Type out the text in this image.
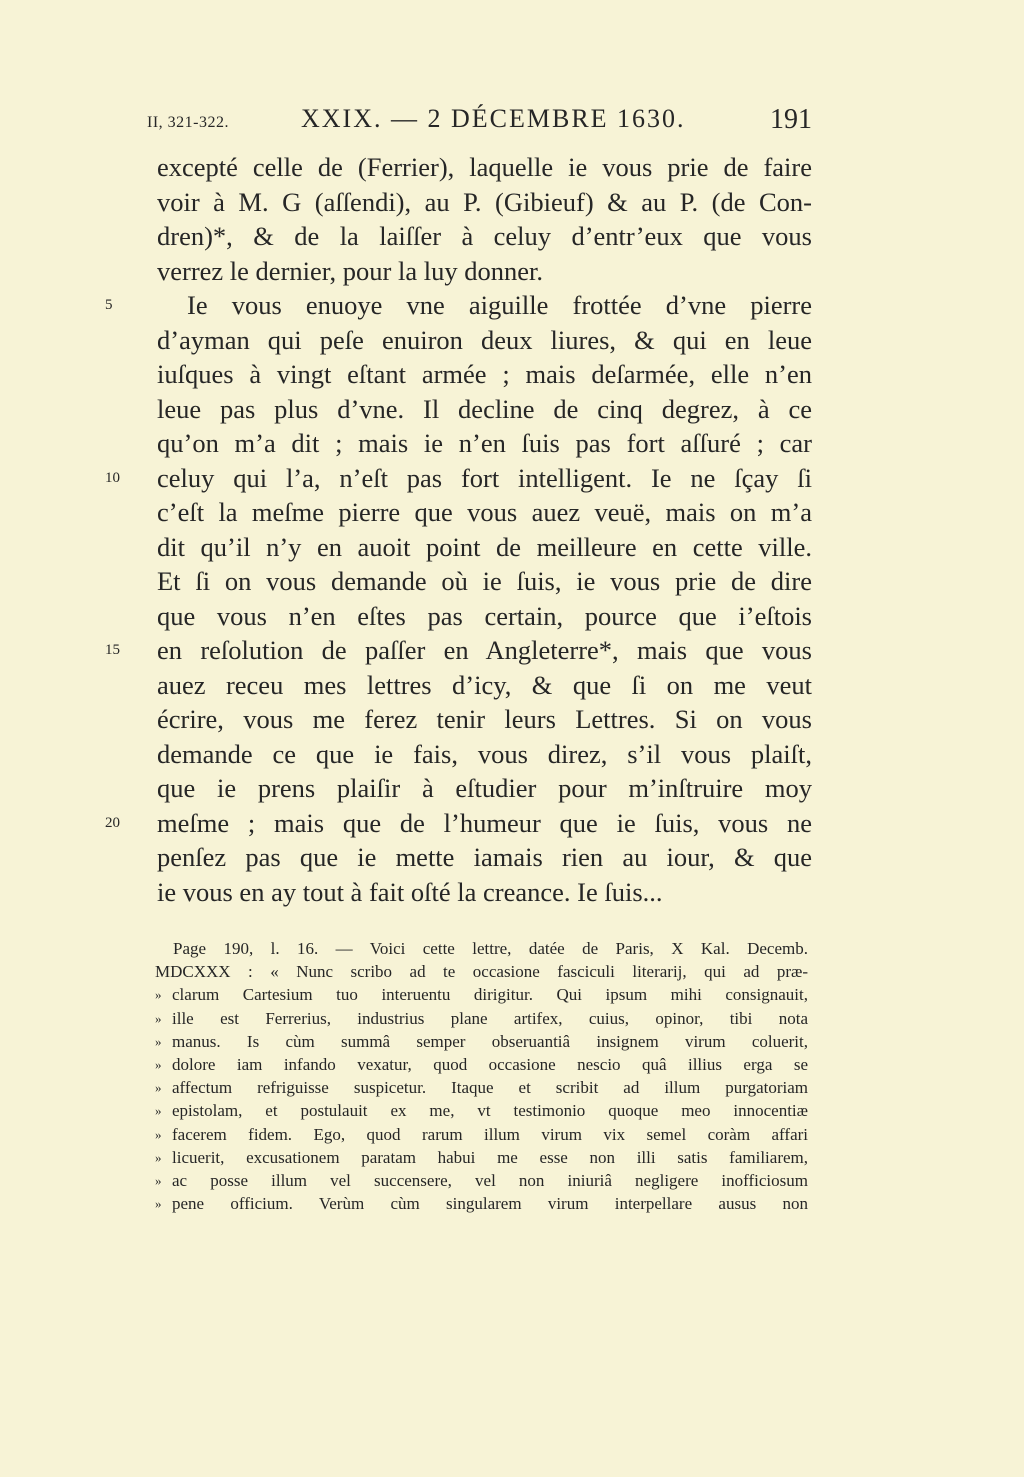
II, 321-322.	XXIX. — 2 DÉCEMBRE 1630.	191
excepté celle de (Ferrier), laquelle ie vous prie de faire
voir à M. G (aſſendi), au P. (Gibieuf) & au P. (de Con-
dren)*, & de la laiſſer à celuy d’entr’eux que vous
verrez le dernier, pour la luy donner.
5	Ie vous enuoye vne aiguille frottée d’vne pierre
d’ayman qui peſe enuiron deux liures, & qui en leue
iuſques à vingt eſtant armée ; mais deſarmée, elle n’en
leue pas plus d’vne. Il decline de cinq degrez, à ce
qu’on m’a dit ; mais ie n’en ſuis pas fort aſſuré ; car
10	celuy qui l’a, n’eſt pas fort intelligent. Ie ne ſçay ſi
c’eſt la meſme pierre que vous auez veuë, mais on m’a
dit qu’il n’y en auoit point de meilleure en cette ville.
Et ſi on vous demande où ie ſuis, ie vous prie de dire
que vous n’en eſtes pas certain, pource que i’eſtois
15	en reſolution de paſſer en Angleterre*, mais que vous
auez receu mes lettres d’icy, & que ſi on me veut
écrire, vous me ferez tenir leurs Lettres. Si on vous
demande ce que ie fais, vous direz, s’il vous plaiſt,
que ie prens plaiſir à eſtudier pour m’inſtruire moy
20	meſme ; mais que de l’humeur que ie ſuis, vous ne
penſez pas que ie mette iamais rien au iour, & que
ie vous en ay tout à fait oſté la creance. Ie ſuis...
Page 190, l. 16. — Voici cette lettre, datée de Paris, X Kal. Decemb.
MDCXXX : « Nunc scribo ad te occasione fasciculi literarij, qui ad præ-
» clarum Cartesium tuo interuentu dirigitur. Qui ipsum mihi consignauit,
» ille est Ferrerius, industrius plane artifex, cuius, opinor, tibi nota
» manus. Is cùm summâ semper obseruantiâ insignem virum coluerit,
» dolore iam infando vexatur, quod occasione nescio quâ illius erga se
» affectum refriguisse suspicetur. Itaque et scribit ad illum purgatoriam
» epistolam, et postulauit ex me, vt testimonio quoque meo innocentiæ
» facerem fidem. Ego, quod rarum illum virum vix semel coràm affari
» licuerit, excusationem paratam habui me esse non illi satis familiarem,
» ac posse illum vel succensere, vel non iniuriâ negligere inofficiosum
» pene officium. Verùm cùm singularem virum interpellare ausus non
